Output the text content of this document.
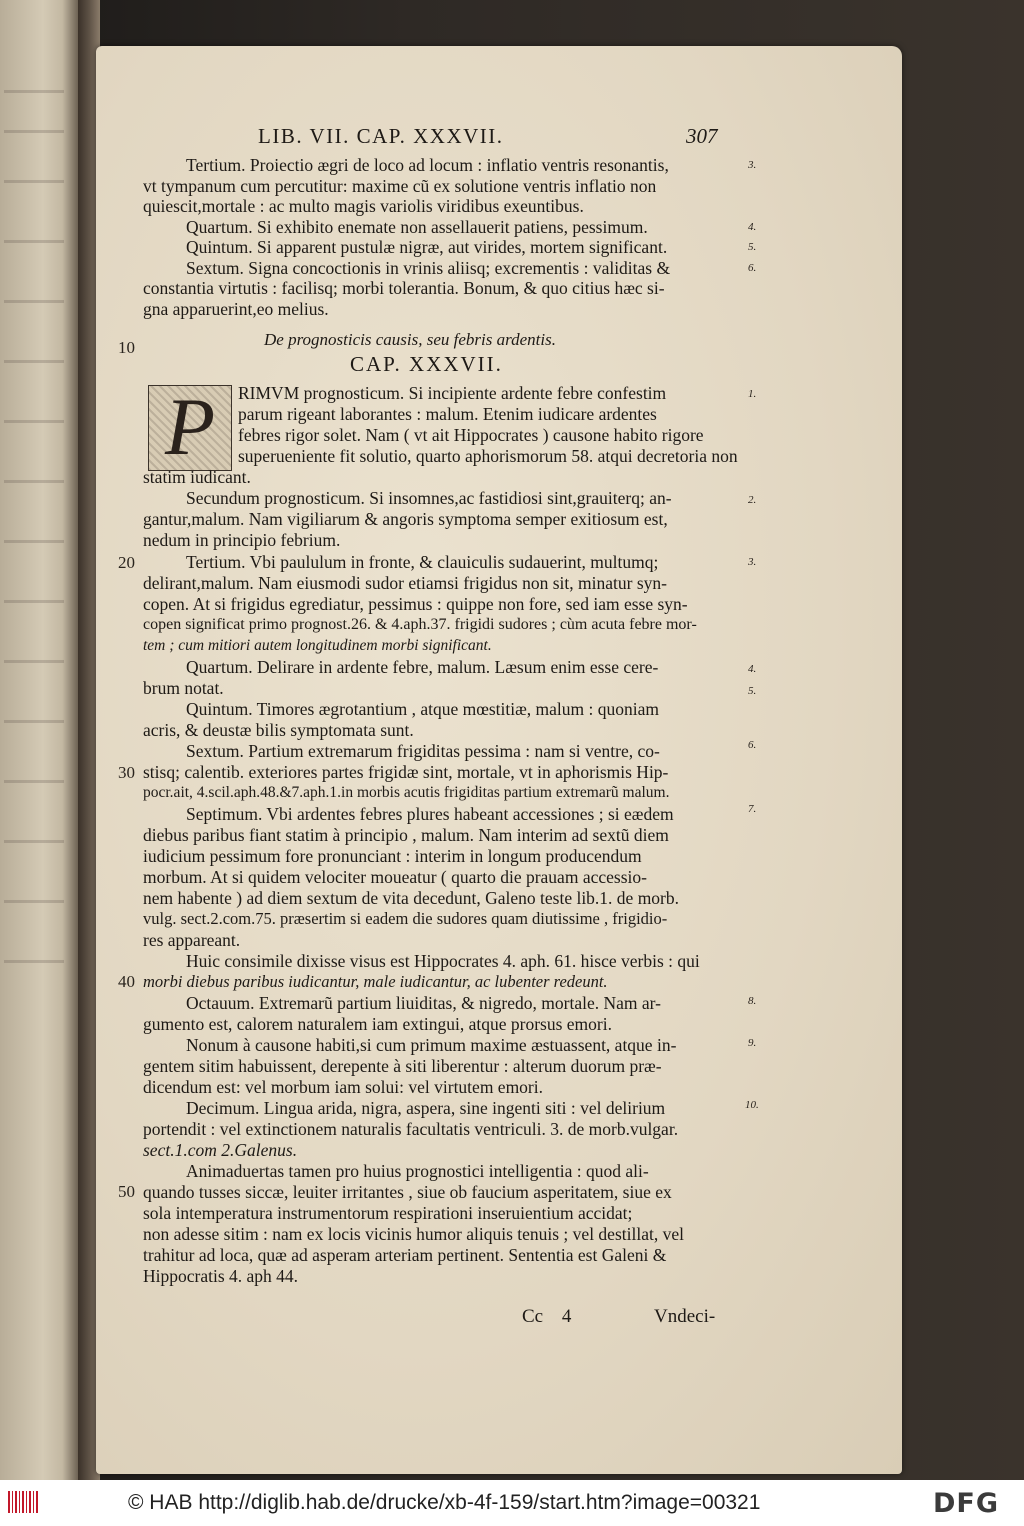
LIB. VII. CAP. XXXVII.	307
Tertium. Proiectio ægri de loco ad locum : inflatio ventris resonantis,
vt tympanum cum percutitur: maxime cũ ex solutione ventris inflatio non
quiescit,mortale : ac multo magis variolis viridibus exeuntibus.
Quartum. Si exhibito enemate non assellauerit patiens, pessimum.
Quintum. Si apparent pustulæ nigræ, aut virides, mortem significant.
Sextum. Signa concoctionis in vrinis aliisq; excrementis : validitas &
constantia virtutis : facilisq; morbi tolerantia. Bonum, & quo citius hæc si-
gna apparuerint,eo melius.
De prognosticis causis, seu febris ardentis.
CAP. XXXVII.
P	RIMVM prognosticum. Si incipiente ardente febre confestim
parum rigeant laborantes : malum. Etenim iudicare ardentes
febres rigor solet. Nam ( vt ait Hippocrates ) causone habito rigore
superueniente fit solutio, quarto aphorismorum 58. atqui decretoria non
statim iudicant.
Secundum prognosticum. Si insomnes,ac fastidiosi sint,grauiterq; an-
gantur,malum. Nam vigiliarum & angoris symptoma semper exitiosum est,
nedum in principio febrium.
Tertium. Vbi paululum in fronte, & clauiculis sudauerint, multumq;
delirant,malum. Nam eiusmodi sudor etiamsi frigidus non sit, minatur syn-
copen. At si frigidus egrediatur, pessimus : quippe non fore, sed iam esse syn-
copen significat primo prognost.26. & 4.aph.37. frigidi sudores ; cùm acuta febre mor-
tem ; cum mitiori autem longitudinem morbi significant.
Quartum. Delirare in ardente febre, malum. Læsum enim esse cere-
brum notat.
Quintum. Timores ægrotantium , atque mœstitiæ, malum : quoniam
acris, & deustæ bilis symptomata sunt.
Sextum. Partium extremarum frigiditas pessima : nam si ventre, co-
stisq; calentib. exteriores partes frigidæ sint, mortale, vt in aphorismis Hip-
pocr.ait, 4.scil.aph.48.&7.aph.1.in morbis acutis frigiditas partium extremarũ malum.
Septimum. Vbi ardentes febres plures habeant accessiones ; si eædem
diebus paribus fiant statim à principio , malum. Nam interim ad sextũ diem
iudicium pessimum fore pronunciant : interim in longum producendum
morbum. At si quidem velociter moueatur ( quarto die prauam accessio-
nem habente ) ad diem sextum de vita decedunt, Galeno teste lib.1. de morb.
vulg. sect.2.com.75. præsertim si eadem die sudores quam diutissime , frigidio-
res appareant.
Huic consimile dixisse visus est Hippocrates 4. aph. 61. hisce verbis : qui
morbi diebus paribus iudicantur, male iudicantur, ac lubenter redeunt.
Octauum. Extremarũ partium liuiditas, & nigredo, mortale. Nam ar-
gumento est, calorem naturalem iam extingui, atque prorsus emori.
Nonum à causone habiti,si cum primum maxime æstuassent, atque in-
gentem sitim habuissent, derepente à siti liberentur : alterum duorum præ-
dicendum est: vel morbum iam solui: vel virtutem emori.
Decimum. Lingua arida, nigra, aspera, sine ingenti siti : vel delirium
portendit : vel extinctionem naturalis facultatis ventriculi. 3. de morb.vulgar.
sect.1.com 2.Galenus.
Animaduertas tamen pro huius prognostici intelligentia : quod ali-
quando tusses siccæ, leuiter irritantes , siue ob faucium asperitatem, siue ex
sola intemperatura instrumentorum respirationi inseruientium accidat;
non adesse sitim : nam ex locis vicinis humor aliquis tenuis ; vel destillat, vel
trahitur ad loca, quæ ad asperam arteriam pertinent. Sententia est Galeni &
Hippocratis 4. aph 44.
Cc 4	Vndeci-
10
20
30
40
50
3.
4.
5.
6.
1.
2.
3.
4.
5.
6.
7.
8.
9.
10.
© HAB http://diglib.hab.de/drucke/xb-4f-159/start.htm?image=00321	DFG
